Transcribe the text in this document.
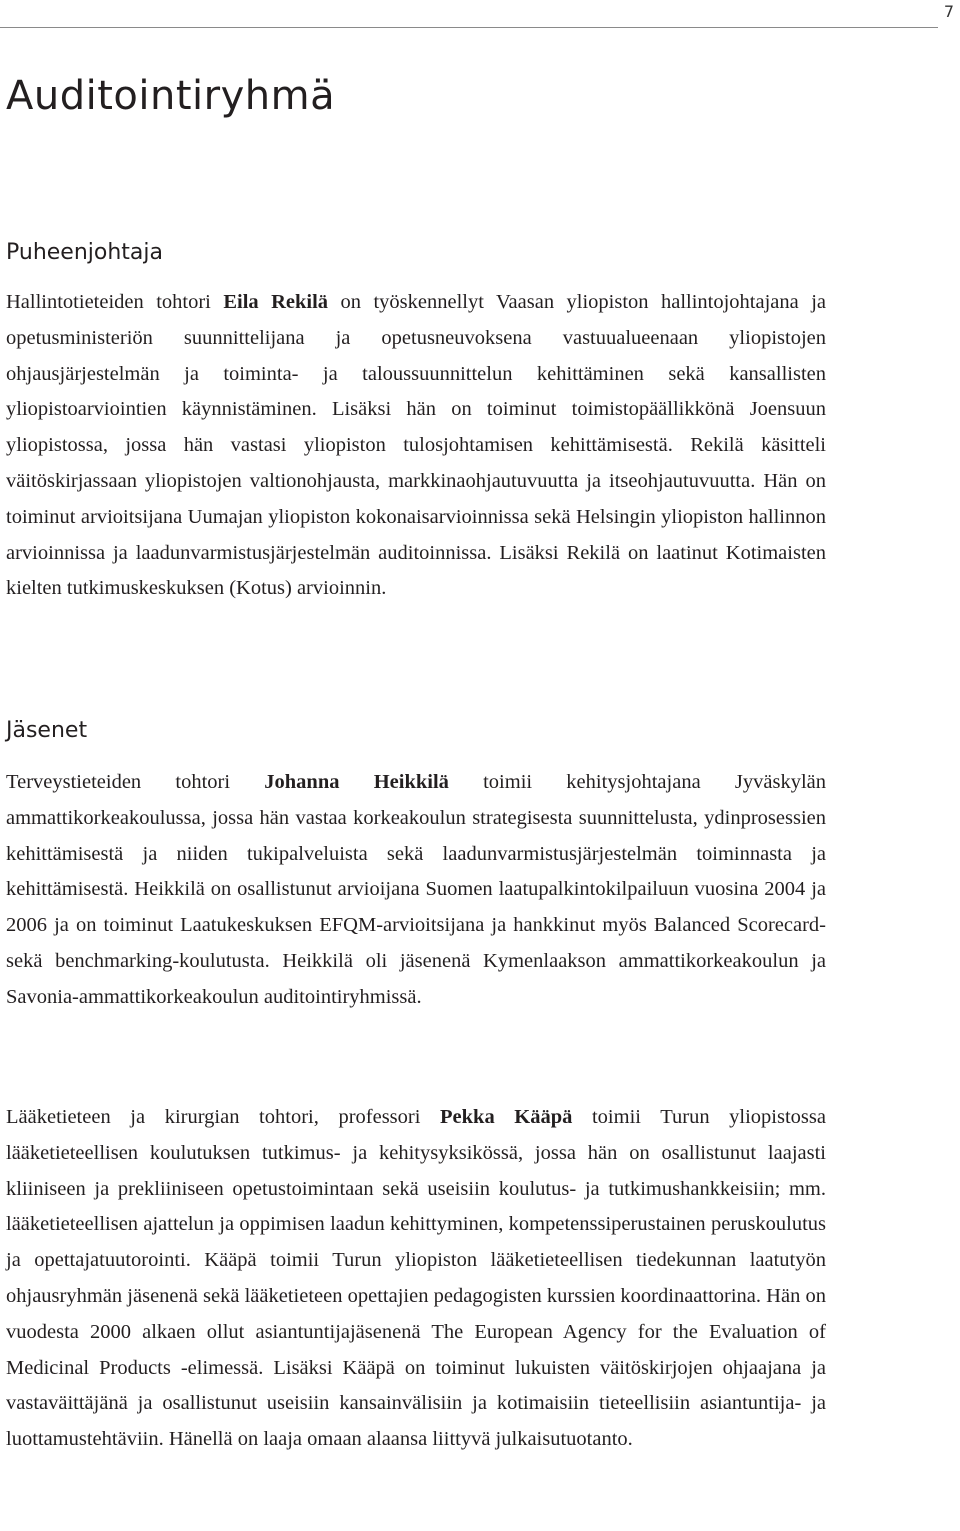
7
Auditointiryhmä
Puheenjohtaja

Hallintotieteiden tohtori Eila Rekilä on työskennellyt Vaasan yliopiston hallintojohtajana ja opetusministeriön suunnittelijana ja opetusneuvoksena vastuualueenaan yliopistojen ohjausjärjestelmän ja toiminta- ja taloussuunnittelun kehittäminen sekä kansallisten yliopistoarviointien käynnistäminen. Lisäksi hän on toiminut toimistopäällikkönä Joensuun yliopistossa, jossa hän vastasi yliopiston tulosjohtamisen kehittämisestä. Rekilä käsitteli väitöskirjassaan yliopistojen valtionohjausta, markkinaohjautuvuutta ja itseohjautuvuutta. Hän on toiminut arvioitsijana Uumajan yliopiston kokonaisarvioinnissa sekä Helsingin yliopiston hallinnon arvioinnissa ja laadunvarmistusjärjestelmän auditoinnissa. Lisäksi Rekilä on laatinut Kotimaisten kielten tutkimuskeskuksen (Kotus) arvioinnin.

Jäsenet

Terveystieteiden tohtori Johanna Heikkilä toimii kehitysjohtajana Jyväskylän ammattikorkeakoulussa, jossa hän vastaa korkeakoulun strategisesta suunnittelusta, ydinprosessien kehittämisestä ja niiden tukipalveluista sekä laadunvarmistusjärjestelmän toiminnasta ja kehittämisestä. Heikkilä on osallistunut arvioijana Suomen laatupalkintokilpailuun vuosina 2004 ja 2006 ja on toiminut Laatukeskuksen EFQM-arvioitsijana ja hankkinut myös Balanced Scorecard- sekä benchmarking-koulutusta. Heikkilä oli jäsenenä Kymenlaakson ammattikorkeakoulun ja Savonia-ammattikorkeakoulun auditointiryhmissä.

Lääketieteen ja kirurgian tohtori, professori Pekka Kääpä toimii Turun yliopistossa lääketieteellisen koulutuksen tutkimus- ja kehitysyksikössä, jossa hän on osallistunut laajasti kliiniseen ja prekliiniseen opetustoimintaan sekä useisiin koulutus- ja tutkimushankkeisiin; mm. lääketieteellisen ajattelun ja oppimisen laadun kehittyminen, kompetenssiperustainen peruskoulutus ja opettajatuutorointi. Kääpä toimii Turun yliopiston lääketieteellisen tiedekunnan laatutyön ohjausryhmän jäsenenä sekä lääketieteen opettajien pedagogisten kurssien koordinaattorina. Hän on vuodesta 2000 alkaen ollut asiantuntijajäsenenä The European Agency for the Evaluation of Medicinal Products -elimessä. Lisäksi Kääpä on toiminut lukuisten väitöskirjojen ohjaajana ja vastaväittäjänä ja osallistunut useisiin kansainvälisiin ja kotimaisiin tieteellisiin asiantuntija- ja luottamustehtäviin. Hänellä on laaja omaan alaansa liittyvä julkaisutuotanto.
